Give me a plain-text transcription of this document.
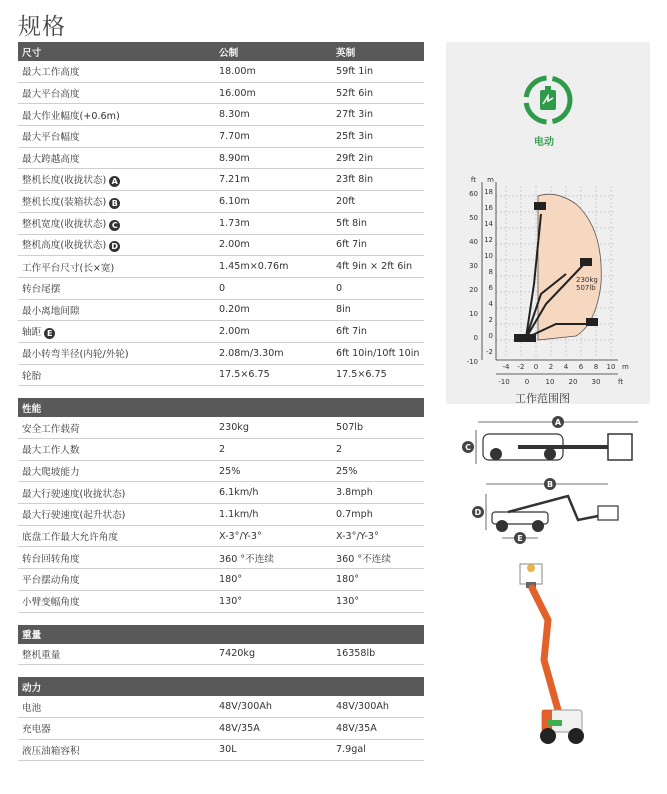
规格
尺寸	公制	英制
最大工作高度	18.00m	59ft 1in
最大平台高度	16.00m	52ft 6in
最大作业幅度(+0.6m)	8.30m	27ft 3in
最大平台幅度	7.70m	25ft 3in
最大跨越高度	8.90m	29ft 2in
整机长度(收拢状态) A	7.21m	23ft 8in
整机长度(装箱状态) B	6.10m	20ft
整机宽度(收拢状态) C	1.73m	5ft 8in
整机高度(收拢状态) D	2.00m	6ft 7in
工作平台尺寸(长×宽)	1.45m×0.76m	4ft 9in × 2ft 6in
转台尾摆	0	0
最小离地间隙	0.20m	8in
轴距 E	2.00m	6ft 7in
最小转弯半径(内轮/外轮)	2.08m/3.30m	6ft 10in/10ft 10in
轮胎	17.5×6.75	17.5×6.75
性能		
安全工作载荷	230kg	507lb
最大工作人数	2	2
最大爬坡能力	25%	25%
最大行驶速度(收拢状态)	6.1km/h	3.8mph
最大行驶速度(起升状态)	1.1km/h	0.7mph
底盘工作最大允许角度	X-3°/Y-3°	X-3°/Y-3°
转台回转角度	360 °不连续	360 °不连续
平台摆动角度	180°	180°
小臂变幅角度	130°	130°
重量
整机重量	7420kg	16358lb
动力		
电池	48V/300Ah	48V/300Ah
充电器	48V/35A	48V/35A
液压油箱容积	30L	7.9gal
电动
230kg
507lb
ft m
60
50
40
30
20
10
0
-10
18
16
14
12
10
8
6
4
2
0
-2
-4 -2 0 2 4 6 8 10 m
-10 0 10 20 30	ft
工作范围图
A
C
B
D
E
